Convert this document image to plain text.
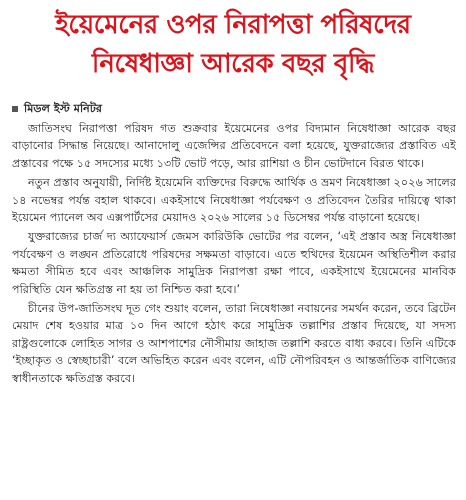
ইয়েমেনের ওপর নিরাপত্তা পরিষদের
নিষেধাজ্ঞা আরেক বছর বৃদ্ধি
মিডল ইস্ট মনিটর

জাতিসংঘ নিরাপত্তা পরিষদ গত শুক্রবার ইয়েমেনের ওপর বিদ্যমান নিষেধাজ্ঞা আরেক বছর বাড়ানোর সিদ্ধান্ত নিয়েছে। আনাদোলু এজেন্সির প্রতিবেদনে বলা হয়েছে, যুক্তরাজ্যের প্রস্তাবিত এই প্রস্তাবের পক্ষে ১৫ সদস্যের মধ্যে ১৩টি ভোট পড়ে, আর রাশিয়া ও চীন ভোটদানে বিরত থাকে।

নতুন প্রস্তাব অনুযায়ী, নির্দিষ্ট ইয়েমেনি ব্যক্তিদের বিরুদ্ধে আর্থিক ও ভ্রমণ নিষেধাজ্ঞা ২০২৬ সালের ১৪ নভেম্বর পর্যন্ত বহাল থাকবে। একইসাথে নিষেধাজ্ঞা পর্যবেক্ষণ ও প্রতিবেদন তৈরির দায়িত্বে থাকা ইয়েমেন প্যানেল অব এক্সপার্টসের মেয়াদও ২০২৬ সালের ১৫ ডিসেম্বর পর্যন্ত বাড়ানো হয়েছে।

যুক্তরাজ্যের চার্জ দ্য অ্যাফেয়ার্স জেমস কারিউকি ভোটের পর বলেন, ‘এই প্রস্তাব অস্ত্র নিষেধাজ্ঞা পর্যবেক্ষণ ও লঙ্ঘন প্রতিরোধে পরিষদের সক্ষমতা বাড়াবে। এতে হুথিদের ইয়েমেন অস্থিতিশীল করার ক্ষমতা সীমিত হবে এবং আঞ্চলিক সামুদ্রিক নিরাপত্তা রক্ষা পাবে, একইসাথে ইয়েমেনের মানবিক পরিস্থিতি যেন ক্ষতিগ্রস্ত না হয় তা নিশ্চিত করা হবে।’

চীনের উপ-জাতিসংঘ দূত গেং শুয়াং বলেন, তারা নিষেধাজ্ঞা নবায়নের সমর্থন করেন, তবে ব্রিটেন মেয়াদ শেষ হওয়ার মাত্র ১০ দিন আগে হঠাৎ করে সামুদ্রিক তল্লাশির প্রস্তাব দিয়েছে, যা সদস্য রাষ্ট্রগুলোকে লোহিত সাগর ও আশপাশের নৌসীমায় জাহাজ তল্লাশি করতে বাধ্য করবে। তিনি এটিকে ‘ইচ্ছাকৃত ও স্বেচ্ছাচারী’ বলে অভিহিত করেন এবং বলেন, এটি নৌপরিবহন ও আন্তর্জাতিক বাণিজ্যের স্বাধীনতাকে ক্ষতিগ্রস্ত করবে।
